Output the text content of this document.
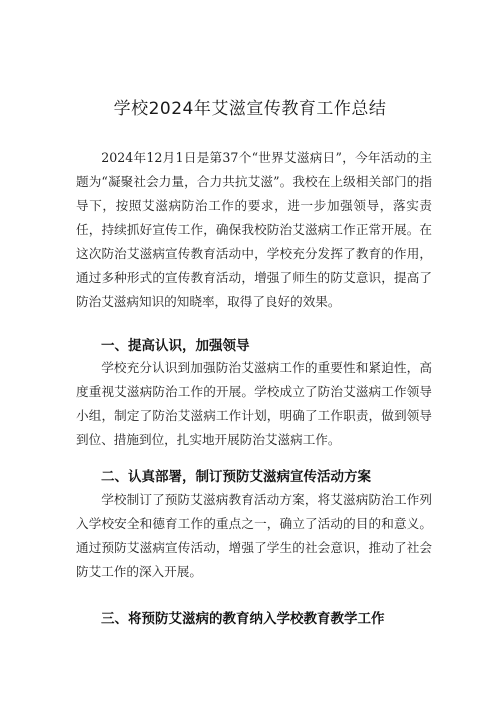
学校2024年艾滋宣传教育工作总结

2024年12月1日是第37个“世界艾滋病日”，今年活动的主题为“凝聚社会力量，合力共抗艾滋”。我校在上级相关部门的指导下，按照艾滋病防治工作的要求，进一步加强领导，落实责任，持续抓好宣传工作，确保我校防治艾滋病工作正常开展。在这次防治艾滋病宣传教育活动中，学校充分发挥了教育的作用，通过多种形式的宣传教育活动，增强了师生的防艾意识，提高了防治艾滋病知识的知晓率，取得了良好的效果。

一、提高认识，加强领导

学校充分认识到加强防治艾滋病工作的重要性和紧迫性，高度重视艾滋病防治工作的开展。学校成立了防治艾滋病工作领导小组，制定了防治艾滋病工作计划，明确了工作职责，做到领导到位、措施到位，扎实地开展防治艾滋病工作。

二、认真部署，制订预防艾滋病宣传活动方案

学校制订了预防艾滋病教育活动方案，将艾滋病防治工作列入学校安全和德育工作的重点之一，确立了活动的目的和意义。通过预防艾滋病宣传活动，增强了学生的社会意识，推动了社会防艾工作的深入开展。

三、将预防艾滋病的教育纳入学校教育教学工作
